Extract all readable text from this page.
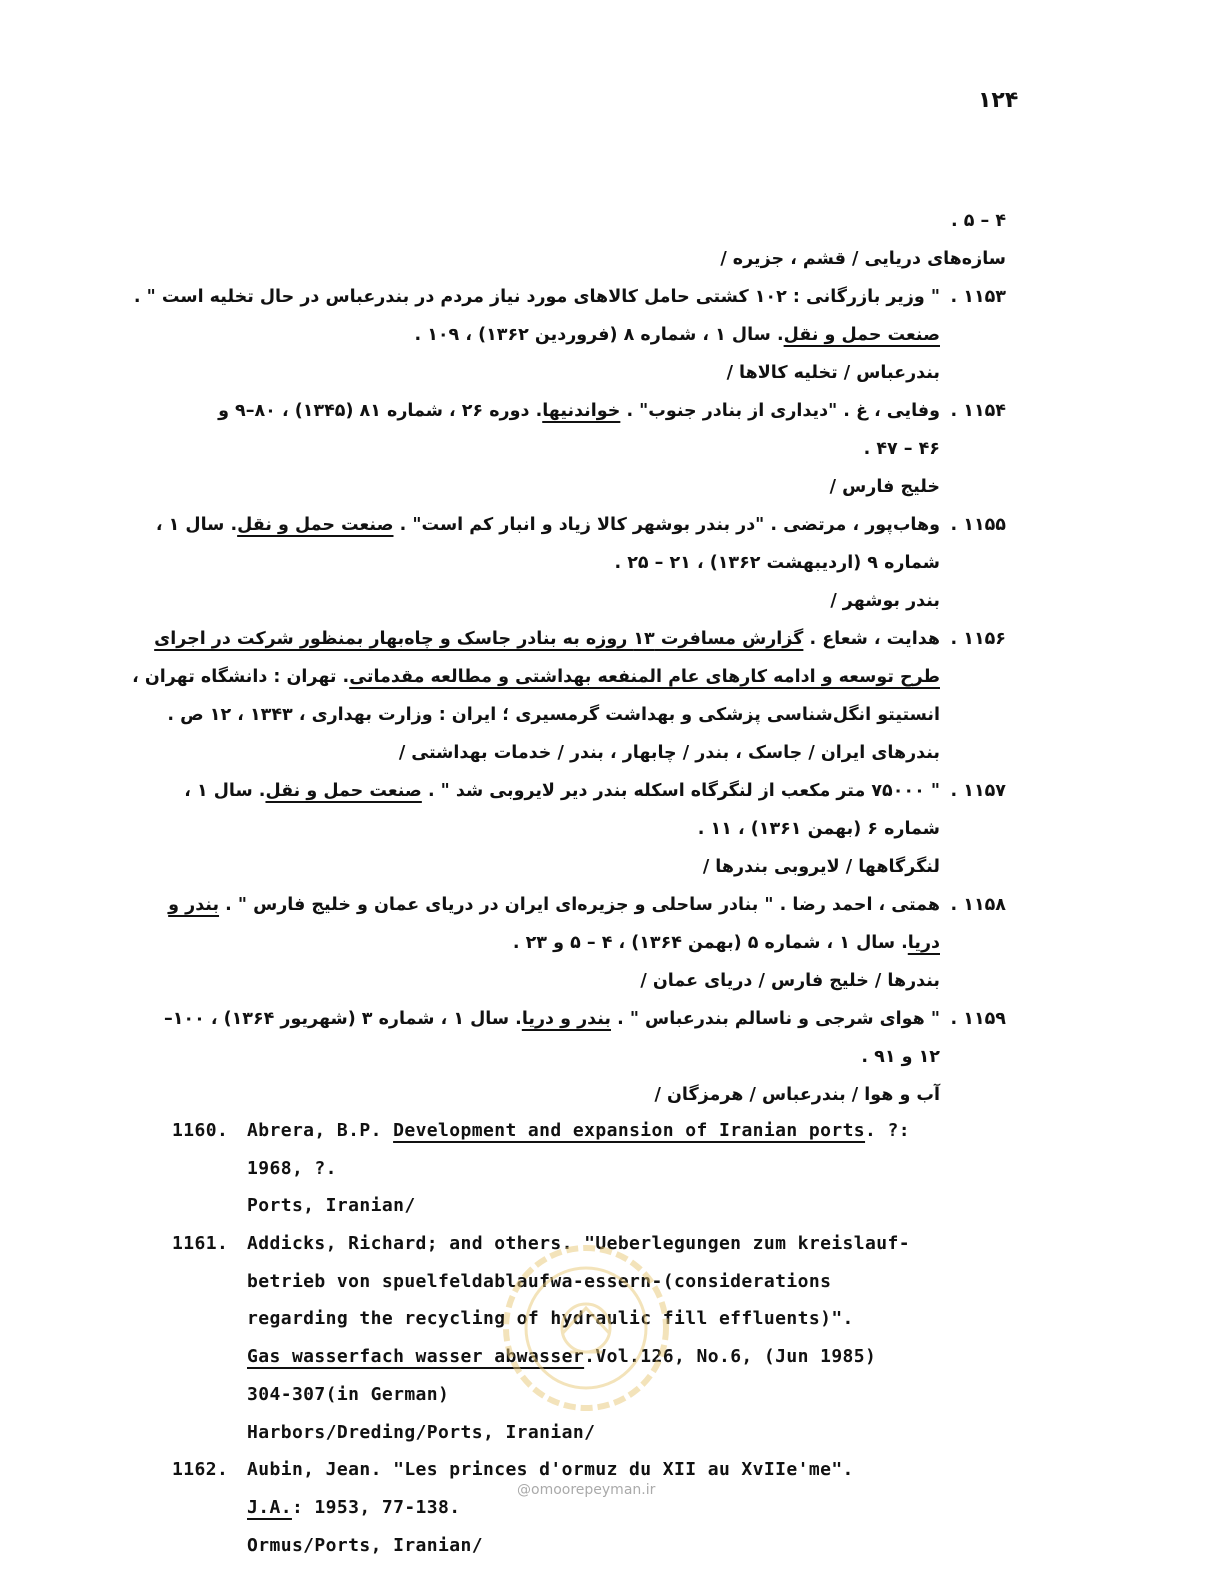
۱۲۴
۴ – ۵ .
سازه‌های دریایی / قشم ، جزیره /
۱۱۵۳ ." وزیر بازرگانی : ۱۰۲ کشتی حامل کالاهای مورد نیاز مردم در بندرعباس در حال تخلیه است " .
صنعت حمل و نقل. سال ۱ ، شماره ۸ (فروردین ۱۳۶۲) ، ۱۰۹ .
بندرعباس / تخلیه کالاها /
۱۱۵۴ .وفایی ، غ . "دیداری از بنادر جنوب" . خواندنیها. دوره ۲۶ ، شماره ۸۱ (۱۳۴۵) ، ۸۰–۹ و
۴۶ – ۴۷ .
خلیج فارس /
۱۱۵۵ .وهاب‌پور ، مرتضی . "در بندر بوشهر کالا زیاد و انبار کم است" . صنعت حمل و نقل. سال ۱ ،
شماره ۹ (اردیبهشت ۱۳۶۲) ، ۲۱ – ۲۵ .
بندر بوشهر /
۱۱۵۶ .هدایت ، شعاع . گزارش مسافرت ۱۳ روزه به بنادر جاسک و چاه‌بهار بمنظور شرکت در اجرای
طرح توسعه و ادامه کارهای عام المنفعه بهداشتی و مطالعه مقدماتی. تهران : دانشگاه تهران ،
انستیتو انگل‌شناسی پزشکی و بهداشت گرمسیری ؛ ایران : وزارت بهداری ، ۱۳۴۳ ، ۱۲ ص .
بندرهای ایران / جاسک ، بندر / چابهار ، بندر / خدمات بهداشتی /
۱۱۵۷ ." ۷۵۰۰۰ متر مکعب از لنگرگاه اسکله بندر دیر لایروبی شد " . صنعت حمل و نقل. سال ۱ ،
شماره ۶ (بهمن ۱۳۶۱) ، ۱۱ .
لنگرگاهها / لایروبی بندرها /
۱۱۵۸ .همتی ، احمد رضا . " بنادر ساحلی و جزیره‌ای ایران در دریای عمان و خلیج فارس " . بندر و
دریا. سال ۱ ، شماره ۵ (بهمن ۱۳۶۴) ، ۴ – ۵ و ۲۳ .
بندرها / خلیج فارس / دریای عمان /
۱۱۵۹ ." هوای شرجی و ناسالم بندرعباس " . بندر و دریا. سال ۱ ، شماره ۳ (شهریور ۱۳۶۴) ، ۱۰۰–
۱۲ و ۹۱ .
آب و هوا / بندرعباس / هرمزگان /
1160. Abrera, B.P. Development and expansion of Iranian ports. ?:
1968, ?.
Ports, Iranian/
1161. Addicks, Richard; and others. "Ueberlegungen zum kreislauf-
betrieb von spuelfeldablaufwa-essern-(considerations
regarding the recycling of hydraulic fill effluents)".
Gas wasserfach wasser abwasser.Vol.126, No.6, (Jun 1985)
304-307(in German)
Harbors/Dreding/Ports, Iranian/
1162. Aubin, Jean. "Les princes d'ormuz du XII au XvIIe'me".
J.A.: 1953, 77-138.
Ormus/Ports, Iranian/
@omoorepeyman.ir
